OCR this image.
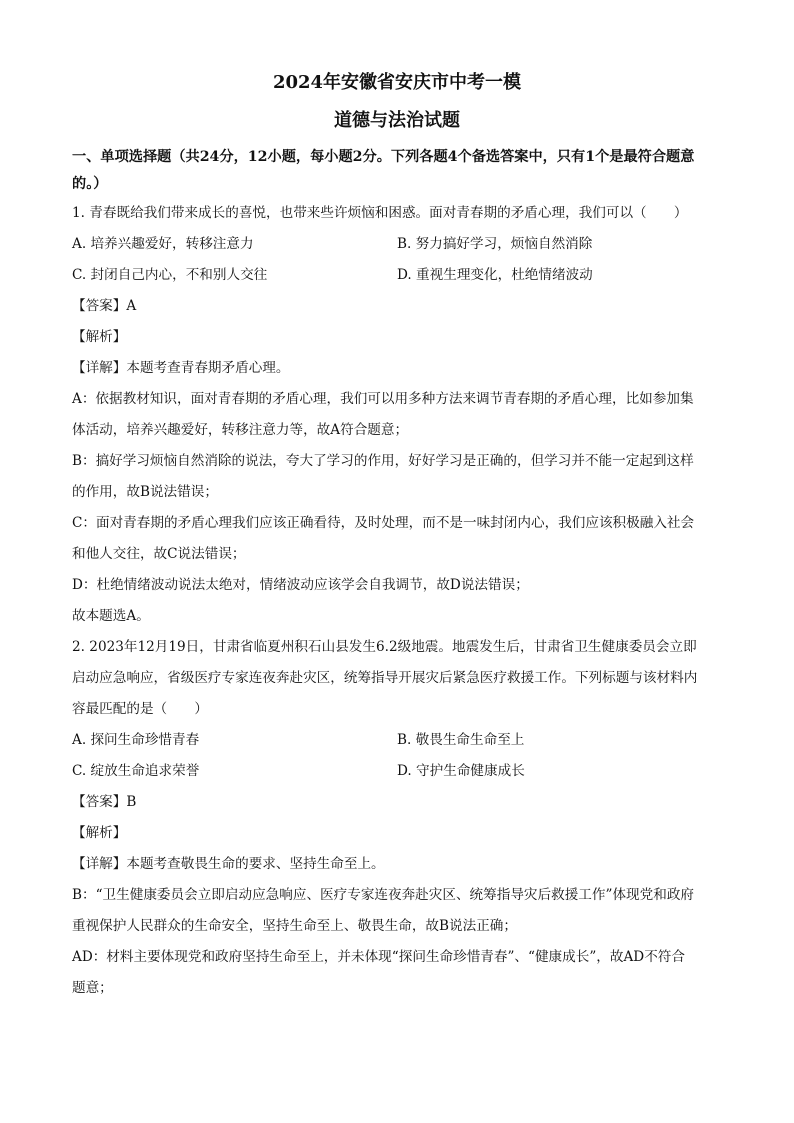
2024年安徽省安庆市中考一模
道德与法治试题
一、单项选择题（共24分，12小题，每小题2分。下列各题4个备选答案中，只有1个是最符合题意的。）
1. 青春既给我们带来成长的喜悦，也带来些许烦恼和困惑。面对青春期的矛盾心理，我们可以（　　）
A. 培养兴趣爱好，转移注意力	B. 努力搞好学习，烦恼自然消除
C. 封闭自己内心，不和别人交往	D. 重视生理变化，杜绝情绪波动
【答案】A
【解析】
【详解】本题考查青春期矛盾心理。
A：依据教材知识，面对青春期的矛盾心理，我们可以用多种方法来调节青春期的矛盾心理，比如参加集
体活动，培养兴趣爱好，转移注意力等，故A符合题意；
B：搞好学习烦恼自然消除的说法，夸大了学习的作用，好好学习是正确的，但学习并不能一定起到这样
的作用，故B说法错误；
C：面对青春期的矛盾心理我们应该正确看待，及时处理，而不是一味封闭内心，我们应该积极融入社会
和他人交往，故C说法错误；
D：杜绝情绪波动说法太绝对，情绪波动应该学会自我调节，故D说法错误；
故本题选A。
2. 2023年12月19日，甘肃省临夏州积石山县发生6.2级地震。地震发生后，甘肃省卫生健康委员会立即
启动应急响应，省级医疗专家连夜奔赴灾区，统筹指导开展灾后紧急医疗救援工作。下列标题与该材料内
容最匹配的是（　　）
A. 探问生命珍惜青春	B. 敬畏生命生命至上
C. 绽放生命追求荣誉	D. 守护生命健康成长
【答案】B
【解析】
【详解】本题考查敬畏生命的要求、坚持生命至上。
B：“卫生健康委员会立即启动应急响应、医疗专家连夜奔赴灾区、统筹指导灾后救援工作”体现党和政府
重视保护人民群众的生命安全，坚持生命至上、敬畏生命，故B说法正确；
AD：材料主要体现党和政府坚持生命至上，并未体现“探问生命珍惜青春”、“健康成长”，故AD不符合
题意；
